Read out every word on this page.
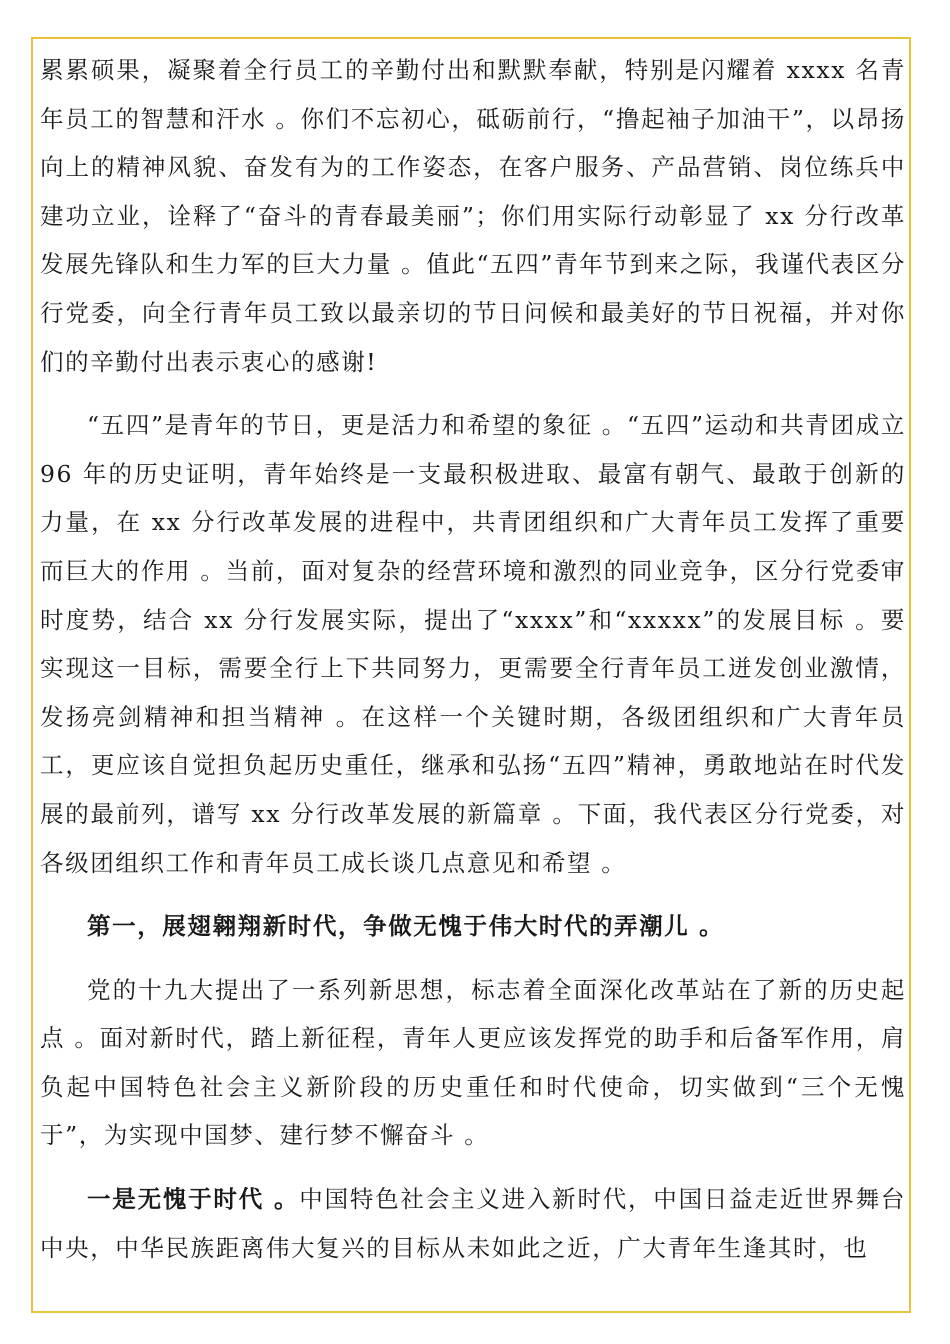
累累硕果，凝聚着全行员工的辛勤付出和默默奉献，特别是闪耀着 xxxx 名青年员工的智慧和汗水 。你们不忘初心，砥砺前行，“撸起袖子加油干”，以昂扬向上的精神风貌、奋发有为的工作姿态，在客户服务、产品营销、岗位练兵中建功立业，诠释了“奋斗的青春最美丽”；你们用实际行动彰显了 xx 分行改革发展先锋队和生力军的巨大力量 。值此“五四”青年节到来之际，我谨代表区分行党委，向全行青年员工致以最亲切的节日问候和最美好的节日祝福，并对你们的辛勤付出表示衷心的感谢!

“五四”是青年的节日，更是活力和希望的象征 。“五四”运动和共青团成立 96 年的历史证明，青年始终是一支最积极进取、最富有朝气、最敢于创新的力量，在 xx 分行改革发展的进程中，共青团组织和广大青年员工发挥了重要而巨大的作用 。当前，面对复杂的经营环境和激烈的同业竞争，区分行党委审时度势，结合 xx 分行发展实际，提出了“xxxx”和“xxxxx”的发展目标 。要实现这一目标，需要全行上下共同努力，更需要全行青年员工迸发创业激情，发扬亮剑精神和担当精神 。在这样一个关键时期，各级团组织和广大青年员工，更应该自觉担负起历史重任，继承和弘扬“五四”精神，勇敢地站在时代发展的最前列，谱写 xx 分行改革发展的新篇章 。下面，我代表区分行党委，对各级团组织工作和青年员工成长谈几点意见和希望 。

第一，展翅翱翔新时代，争做无愧于伟大时代的弄潮儿 。

党的十九大提出了一系列新思想，标志着全面深化改革站在了新的历史起点 。面对新时代，踏上新征程，青年人更应该发挥党的助手和后备军作用，肩负起中国特色社会主义新阶段的历史重任和时代使命，切实做到“三个无愧于”，为实现中国梦、建行梦不懈奋斗 。

一是无愧于时代 。中国特色社会主义进入新时代，中国日益走近世界舞台中央，中华民族距离伟大复兴的目标从未如此之近，广大青年生逢其时，也
